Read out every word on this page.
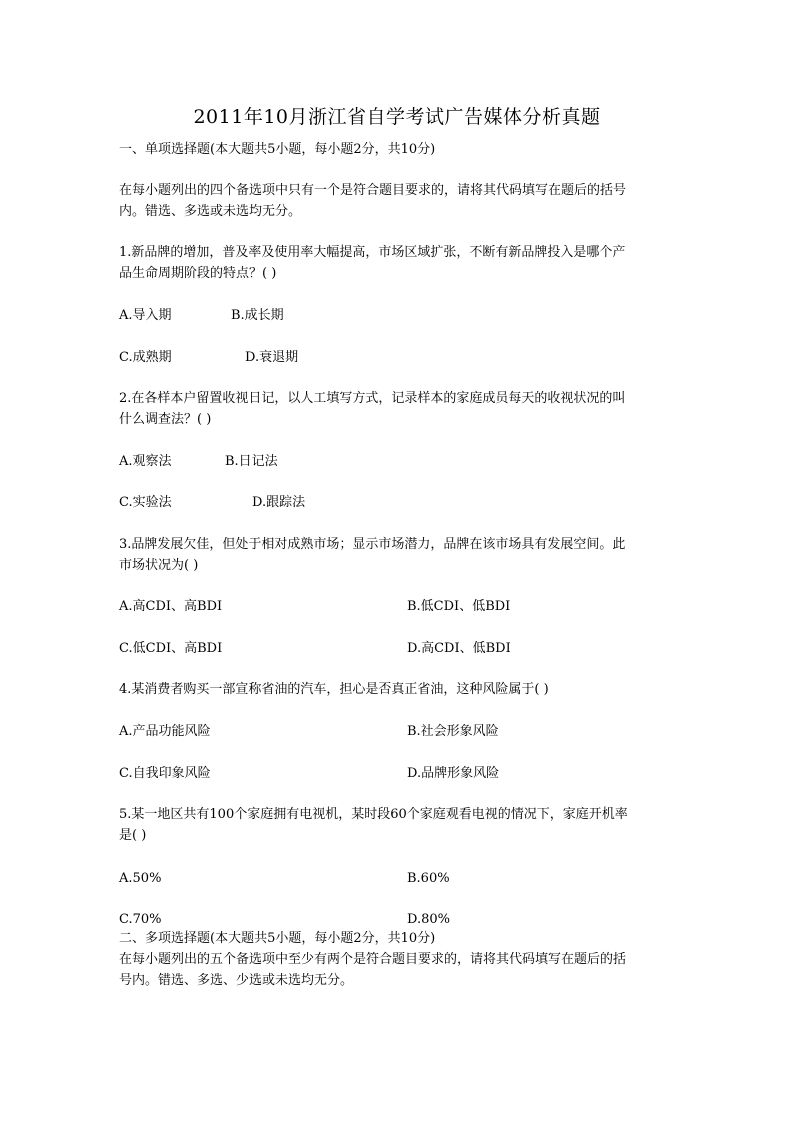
2011年10月浙江省自学考试广告媒体分析真题
一、单项选择题(本大题共5小题，每小题2分，共10分)
在每小题列出的四个备选项中只有一个是符合题目要求的，请将其代码填写在题后的括号
内。错选、多选或未选均无分。
1.新品牌的增加，普及率及使用率大幅提高，市场区域扩张，不断有新品牌投入是哪个产
品生命周期阶段的特点？( )
A.导入期	B.成长期
C.成熟期	D.衰退期
2.在各样本户留置收视日记，以人工填写方式，记录样本的家庭成员每天的收视状况的叫
什么调查法？( )
A.观察法	B.日记法
C.实验法	D.跟踪法
3.品牌发展欠佳，但处于相对成熟市场；显示市场潜力，品牌在该市场具有发展空间。此
市场状况为( )
A.高CDI、高BDI	B.低CDI、低BDI
C.低CDI、高BDI	D.高CDI、低BDI
4.某消费者购买一部宣称省油的汽车，担心是否真正省油，这种风险属于( )
A.产品功能风险	B.社会形象风险
C.自我印象风险	D.品牌形象风险
5.某一地区共有100个家庭拥有电视机，某时段60个家庭观看电视的情况下，家庭开机率
是( )
A.50%	B.60%
C.70%	D.80%
二、多项选择题(本大题共5小题，每小题2分，共10分)
在每小题列出的五个备选项中至少有两个是符合题目要求的，请将其代码填写在题后的括
号内。错选、多选、少选或未选均无分。
